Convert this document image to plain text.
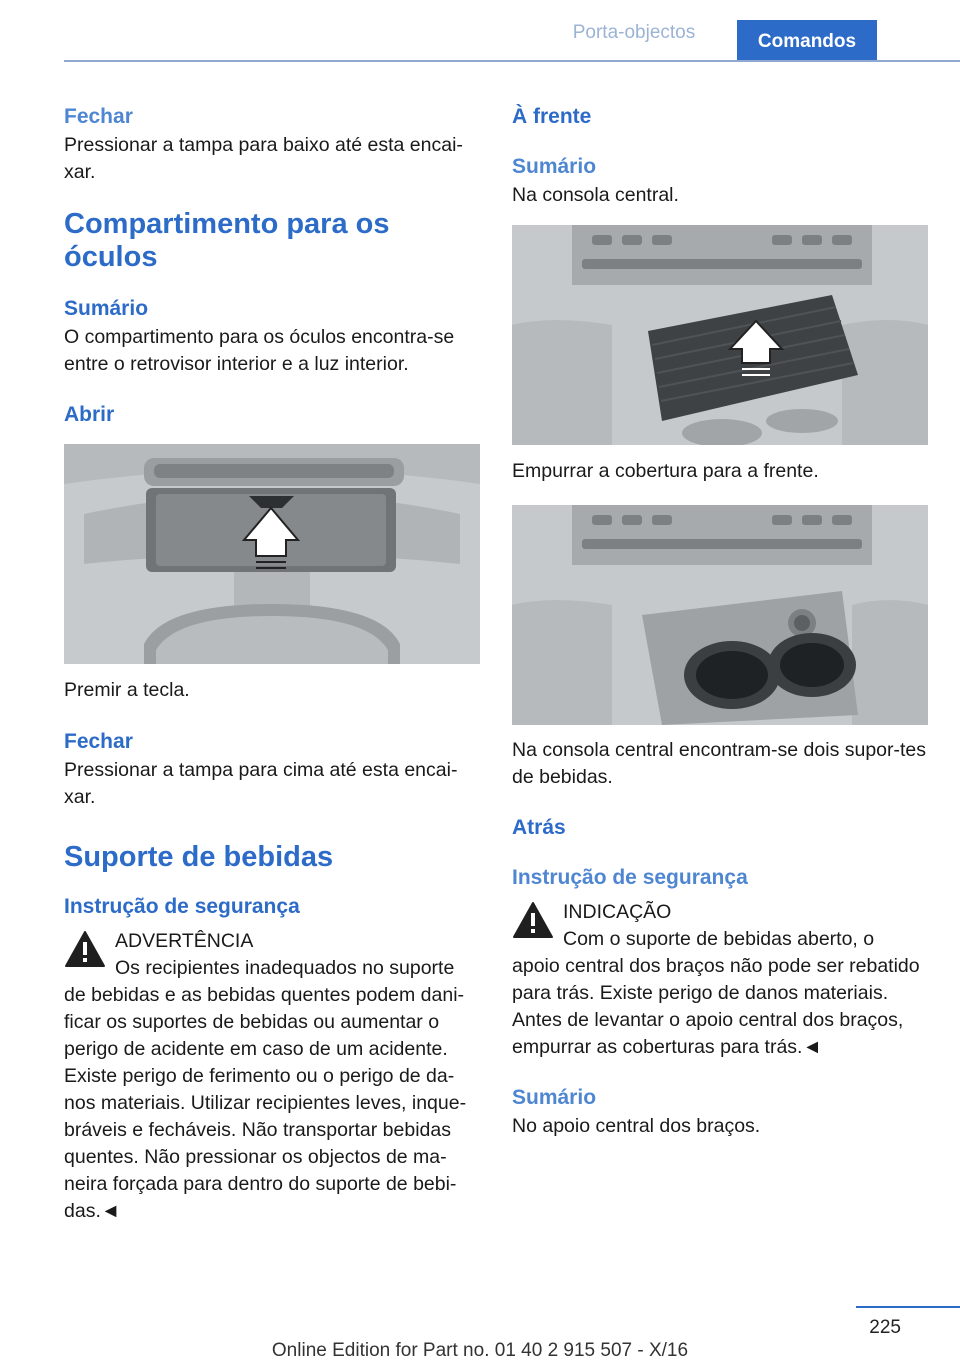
Porta-objectos	Comandos
Fechar

Pressionar a tampa para baixo até esta encai-
xar.

Compartimento para os óculos
Sumário

O compartimento para os óculos encontra-se entre o retrovisor interior e a luz interior.

Abrir

Premir a tecla.

Fechar

Pressionar a tampa para cima até esta encai-
xar.

Suporte de bebidas
Instrução de segurança
ADVERTÊNCIA
Os recipientes inadequados no suporte
de bebidas e as bebidas quentes podem dani-ficar os suportes de bebidas ou aumentar o perigo de acidente em caso de um acidente. Existe perigo de ferimento ou o perigo de da-nos materiais. Utilizar recipientes leves, inque-bráveis e fecháveis. Não transportar bebidas quentes. Não pressionar os objectos de ma-neira forçada para dentro do suporte de bebi-das.◄
À frente
Sumário

Na consola central.

Empurrar a cobertura para a frente.

Na consola central encontram-se dois supor-tes de bebidas.

Atrás
Instrução de segurança
INDICAÇÃO
Com o suporte de bebidas aberto, o
apoio central dos braços não pode ser rebatido para trás. Existe perigo de danos materiais. Antes de levantar o apoio central dos braços, empurrar as coberturas para trás.◄
Sumário

No apoio central dos braços.

225
Online Edition for Part no. 01 40 2 915 507 - X/16
